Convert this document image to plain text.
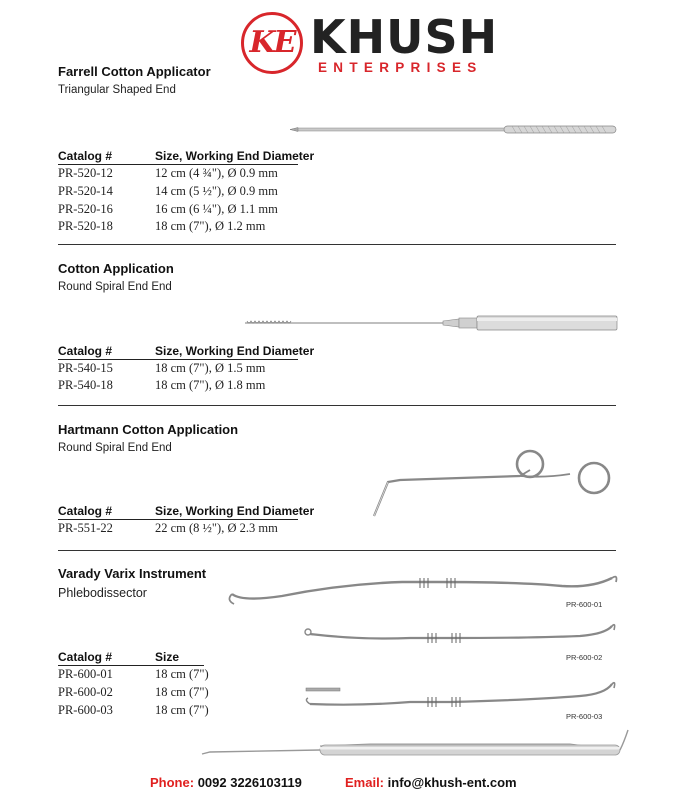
KE KHUSH
ENTERPRISES
Farrell Cotton Applicator
Triangular Shaped End
Catalog #	Size, Working End Diameter
PR-520-12	12 cm (4 ¾"), Ø 0.9 mm
PR-520-14	14 cm (5 ½"), Ø 0.9 mm
PR-520-16	16 cm (6 ¼"), Ø 1.1 mm
PR-520-18	18 cm (7"), Ø 1.2 mm
Cotton Application
Round Spiral End End
Catalog #	Size, Working End Diameter
PR-540-15	18 cm (7"), Ø 1.5 mm
PR-540-18	18 cm (7"), Ø 1.8 mm
Hartmann Cotton Application
Round Spiral End End
Catalog #	Size, Working End Diameter
PR-551-22	22 cm (8 ½"), Ø 2.3 mm
Varady Varix Instrument
Phlebodissector
PR-600-01
PR-600-02
PR-600-03
Catalog #	Size
PR-600-01	18 cm (7")
PR-600-02	18 cm (7")
PR-600-03	18 cm (7")
Phone: 0092 3226103119	Email: info@khush-ent.com
